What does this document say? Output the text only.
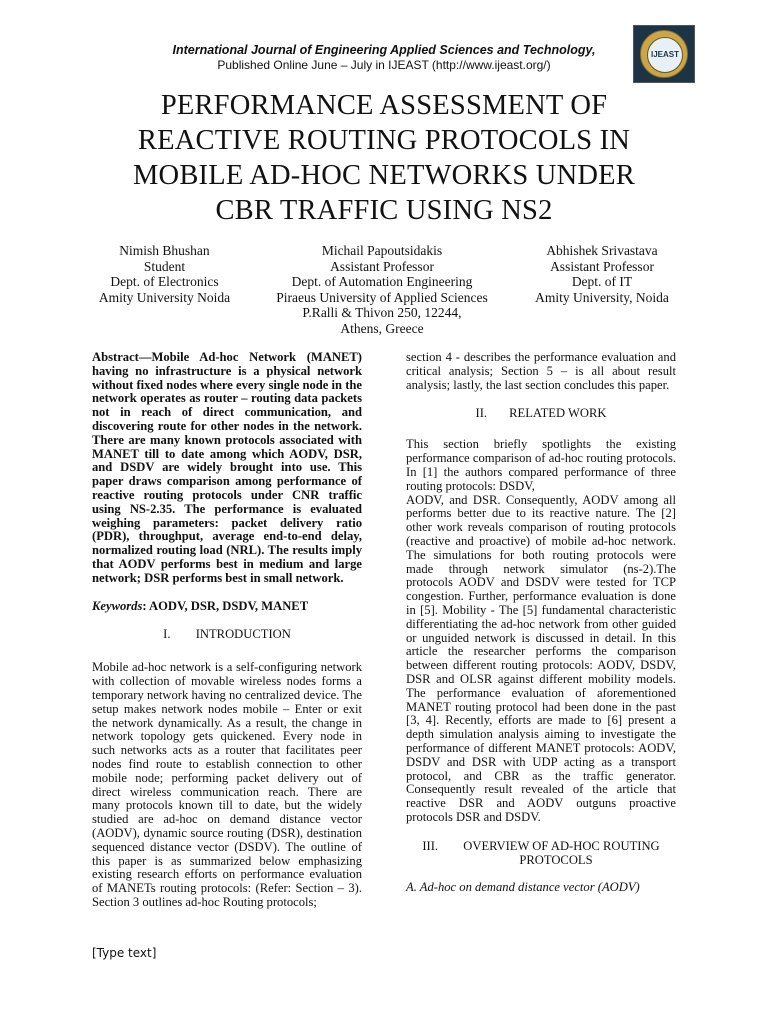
International Journal of Engineering Applied Sciences and Technology,
Published Online June – July in IJEAST (http://www.ijeast.org/)
IJEAST
PERFORMANCE ASSESSMENT OF
REACTIVE ROUTING PROTOCOLS IN
MOBILE AD-HOC NETWORKS UNDER
CBR TRAFFIC USING NS2
Nimish Bhushan
Student
Dept. of Electronics
Amity University Noida
Michail Papoutsidakis
Assistant Professor
Dept. of Automation Engineering
Piraeus University of Applied Sciences
P.Ralli & Thivon 250, 12244,
Athens, Greece
Abhishek Srivastava
Assistant Professor
Dept. of IT
Amity University, Noida

Abstract—Mobile Ad-hoc Network (MANET) having no infrastructure is a physical network without fixed nodes where every single node in the network operates as router – routing data packets not in reach of direct communication, and discovering route for other nodes in the network. There are many known protocols associated with MANET till to date among which AODV, DSR, and DSDV are widely brought into use. This paper draws comparison among performance of reactive routing protocols under CNR traffic using NS-2.35. The performance is evaluated weighing parameters: packet delivery ratio (PDR), throughput, average end-to-end delay, normalized routing load (NRL). The results imply that AODV performs best in medium and large network; DSR performs best in small network.

Keywords: AODV, DSR, DSDV, MANET

I. INTRODUCTION

Mobile ad-hoc network is a self-configuring network with collection of movable wireless nodes forms a temporary network having no centralized device. The setup makes network nodes mobile – Enter or exit the network dynamically. As a result, the change in network topology gets quickened. Every node in such networks acts as a router that facilitates peer nodes find route to establish connection to other mobile node; performing packet delivery out of direct wireless communication reach. There are many protocols known till to date, but the widely studied are ad-hoc on demand distance vector (AODV), dynamic source routing (DSR), destination sequenced distance vector (DSDV). The outline of this paper is as summarized below emphasizing existing research efforts on performance evaluation of MANETs routing protocols: (Refer: Section – 3). Section 3 outlines ad-hoc Routing protocols;

section 4 - describes the performance evaluation and critical analysis; Section 5 – is all about result analysis; lastly, the last section concludes this paper.

II. RELATED WORK

This section briefly spotlights the existing performance comparison of ad-hoc routing protocols. In [1] the authors compared performance of three routing protocols: DSDV,

AODV, and DSR. Consequently, AODV among all performs better due to its reactive nature. The [2] other work reveals comparison of routing protocols (reactive and proactive) of mobile ad-hoc network. The simulations for both routing protocols were made through network simulator (ns-2).The protocols AODV and DSDV were tested for TCP congestion. Further, performance evaluation is done in [5]. Mobility - The [5] fundamental characteristic differentiating the ad-hoc network from other guided or unguided network is discussed in detail. In this article the researcher performs the comparison between different routing protocols: AODV, DSDV, DSR and OLSR against different mobility models. The performance evaluation of aforementioned MANET routing protocol had been done in the past [3, 4]. Recently, efforts are made to [6] present a depth simulation analysis aiming to investigate the performance of different MANET protocols: AODV, DSDV and DSR with UDP acting as a transport protocol, and CBR as the traffic generator. Consequently result revealed of the article that reactive DSR and AODV outguns proactive protocols DSR and DSDV.

III. OVERVIEW OF AD-HOC ROUTING
PROTOCOLS

A. Ad-hoc on demand distance vector (AODV)

[Type text]
